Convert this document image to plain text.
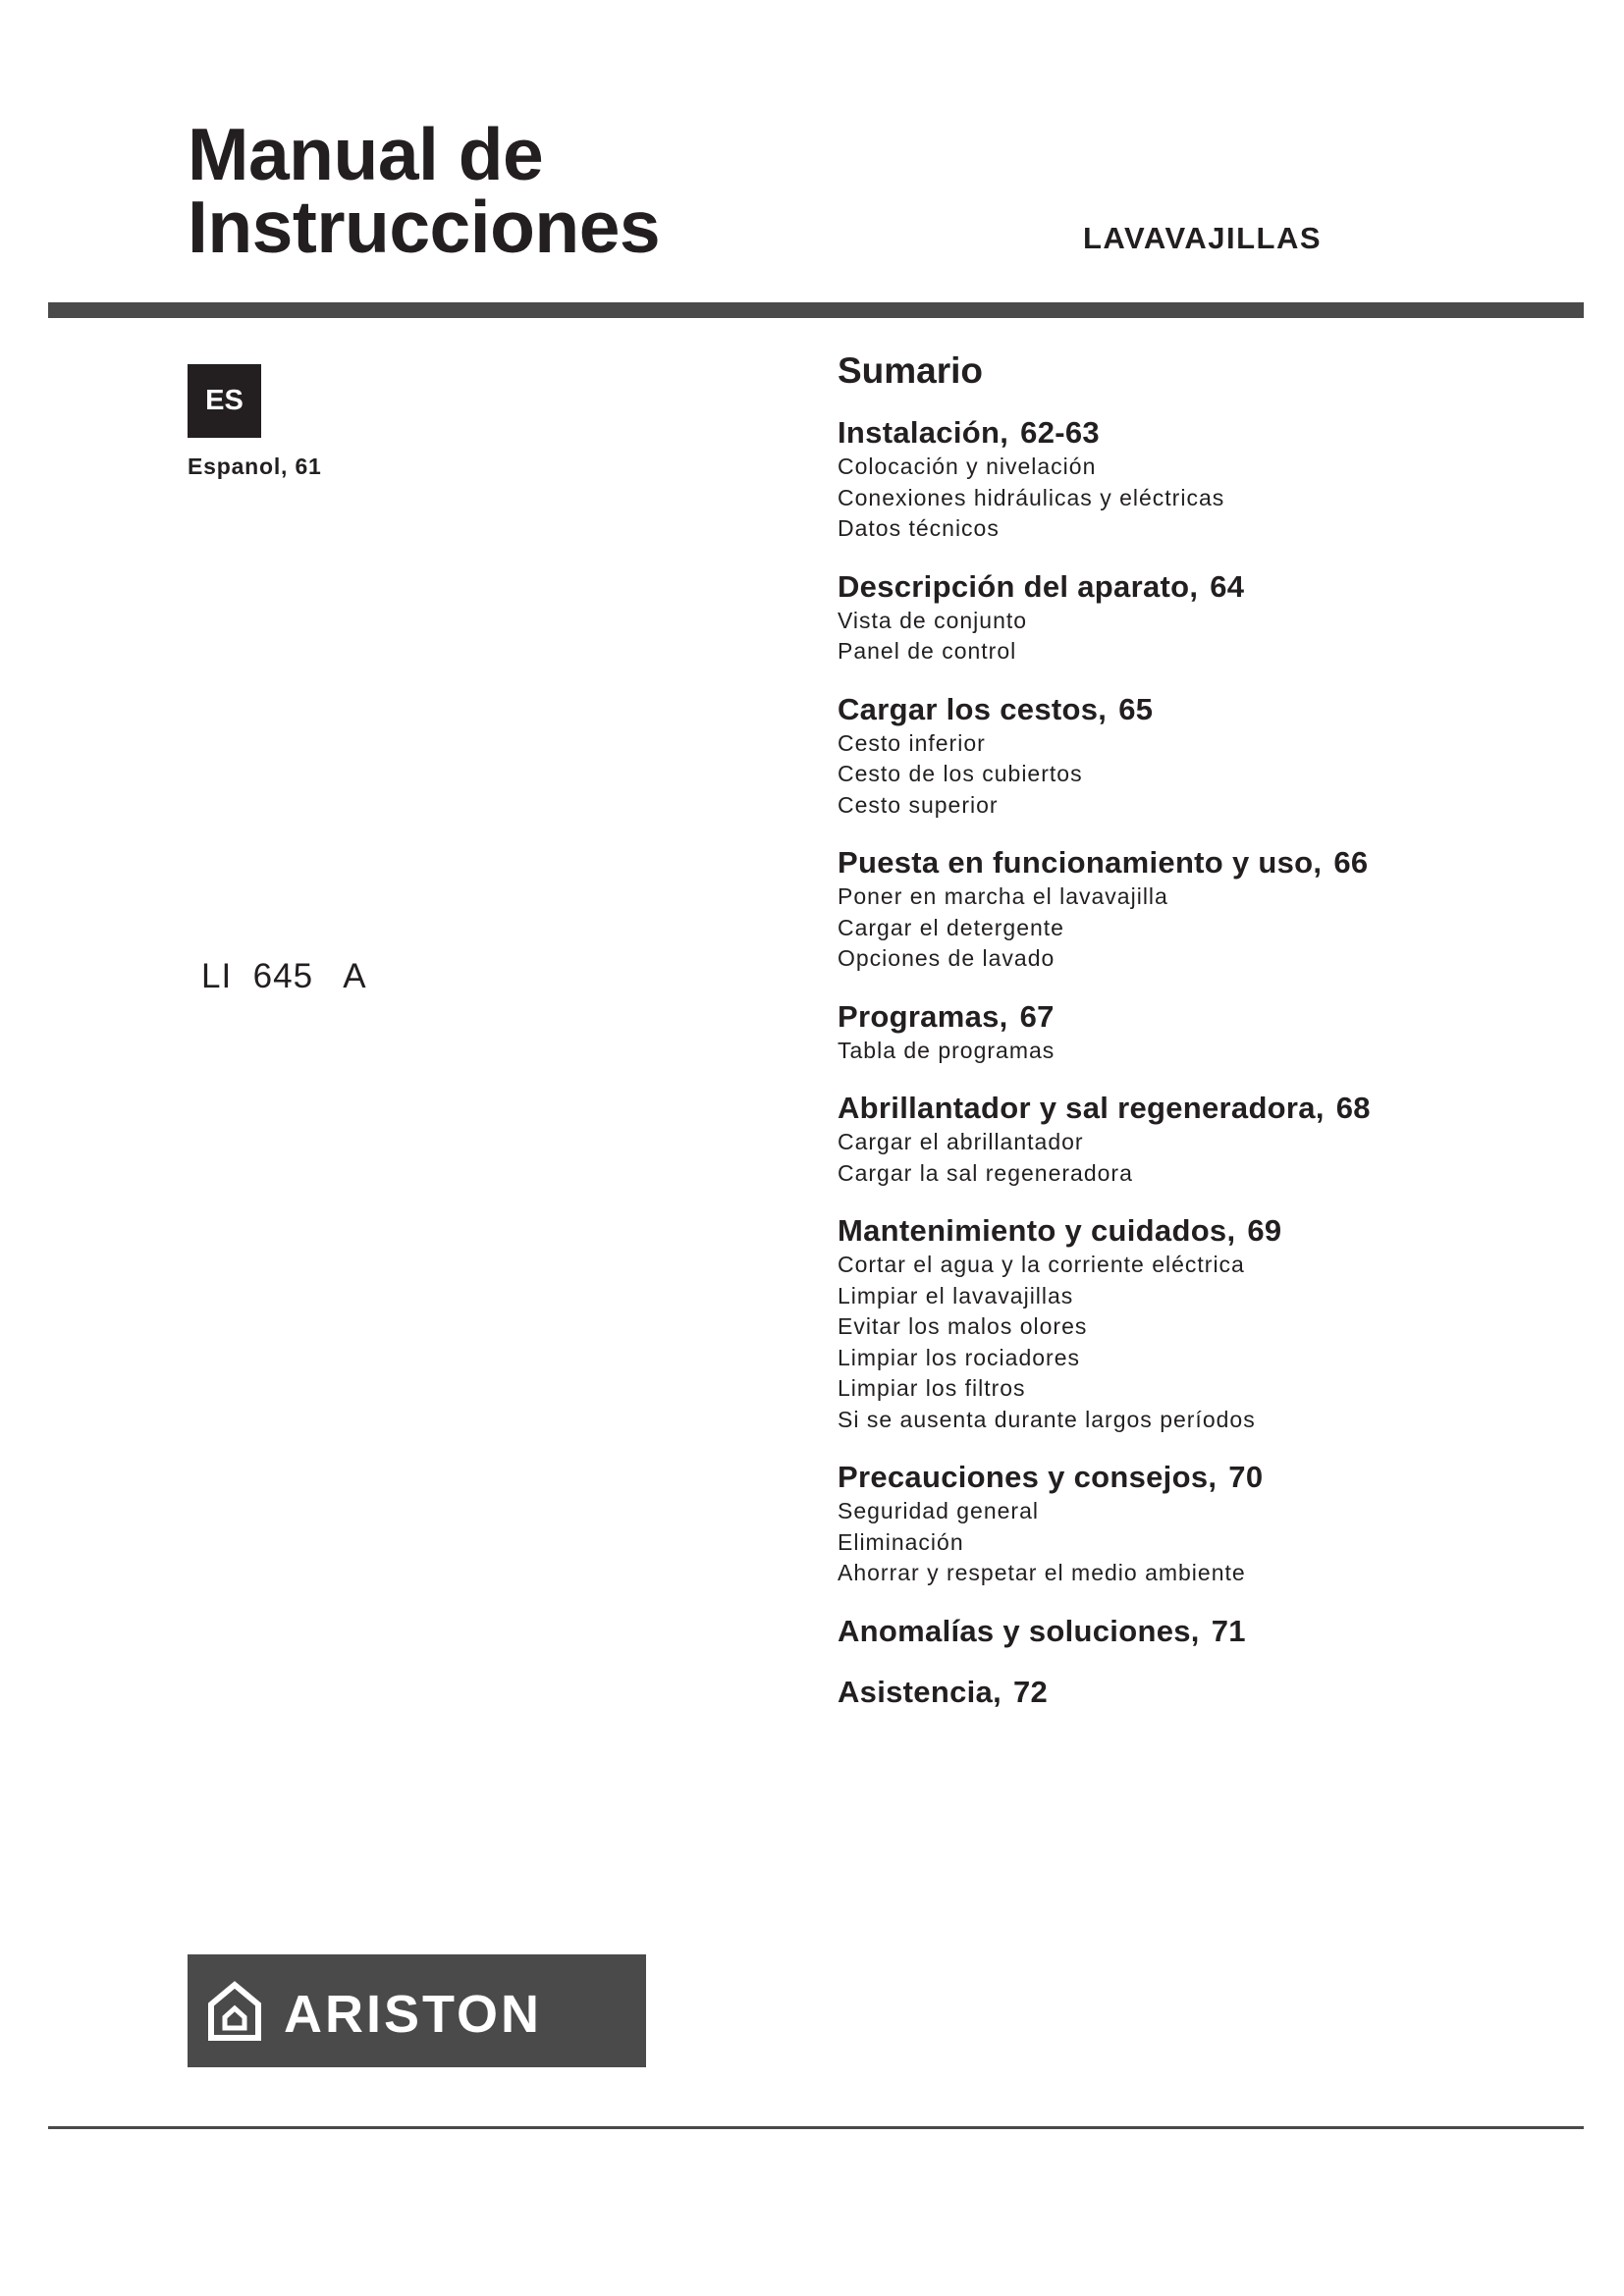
Manual de
Instrucciones	LAVAVAJILLAS
ES
Espanol, 61
LI  645   A
Sumario
Instalación, 62-63
Colocación y nivelación
Conexiones hidráulicas y eléctricas
Datos técnicos
Descripción del aparato, 64
Vista de conjunto
Panel de control
Cargar los cestos, 65
Cesto inferior
Cesto de los cubiertos
Cesto superior
Puesta en funcionamiento y uso, 66
Poner en marcha el lavavajilla
Cargar el detergente
Opciones de lavado
Programas, 67
Tabla de programas
Abrillantador y sal regeneradora, 68
Cargar el abrillantador
Cargar la sal regeneradora
Mantenimiento y cuidados, 69
Cortar el agua y la corriente eléctrica
Limpiar el lavavajillas
Evitar los malos olores
Limpiar los rociadores
Limpiar los filtros
Si se ausenta durante largos períodos
Precauciones y consejos, 70
Seguridad general
Eliminación
Ahorrar y respetar el medio ambiente
Anomalías y soluciones, 71
Asistencia, 72
ARISTON
